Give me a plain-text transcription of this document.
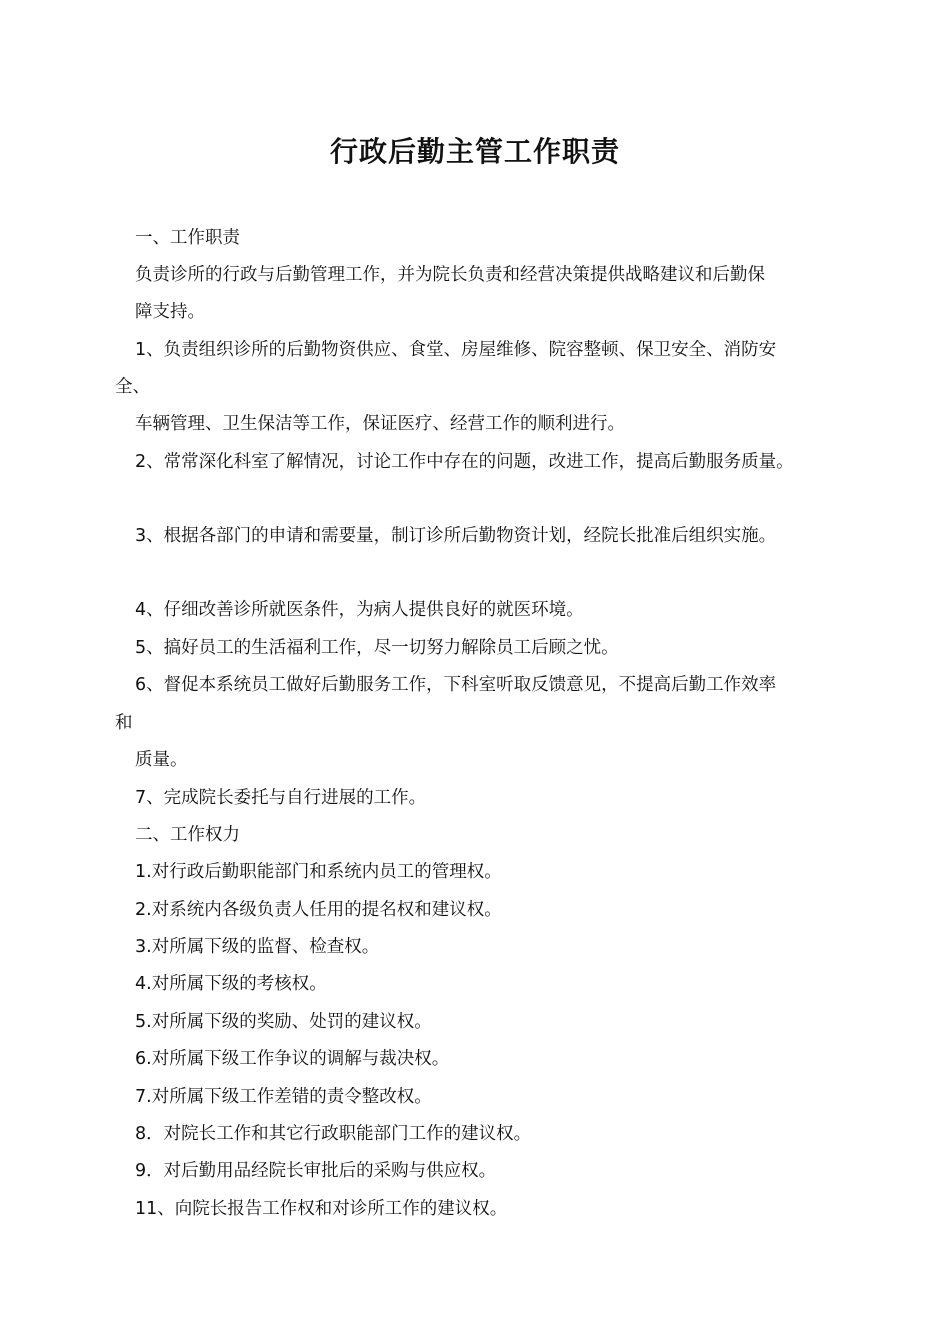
行政后勤主管工作职责
一、工作职责
负责诊所的行政与后勤管理工作，并为院长负责和经营决策提供战略建议和后勤保
障支持。
1、负责组织诊所的后勤物资供应、食堂、房屋维修、院容整顿、保卫安全、消防安
全、
车辆管理、卫生保洁等工作，保证医疗、经营工作的顺利进行。
2、常常深化科室了解情况，讨论工作中存在的问题，改进工作，提高后勤服务质量。
3、根据各部门的申请和需要量，制订诊所后勤物资计划，经院长批准后组织实施。
4、仔细改善诊所就医条件，为病人提供良好的就医环境。
5、搞好员工的生活福利工作，尽一切努力解除员工后顾之忧。
6、督促本系统员工做好后勤服务工作，下科室听取反馈意见，不提高后勤工作效率
和
质量。
7、完成院长委托与自行进展的工作。
二、工作权力
1.对行政后勤职能部门和系统内员工的管理权。
2.对系统内各级负责人任用的提名权和建议权。
3.对所属下级的监督、检查权。
4.对所属下级的考核权。
5.对所属下级的奖励、处罚的建议权。
6.对所属下级工作争议的调解与裁决权。
7.对所属下级工作差错的责令整改权。
8．对院长工作和其它行政职能部门工作的建议权。
9．对后勤用品经院长审批后的采购与供应权。
11、向院长报告工作权和对诊所工作的建议权。
